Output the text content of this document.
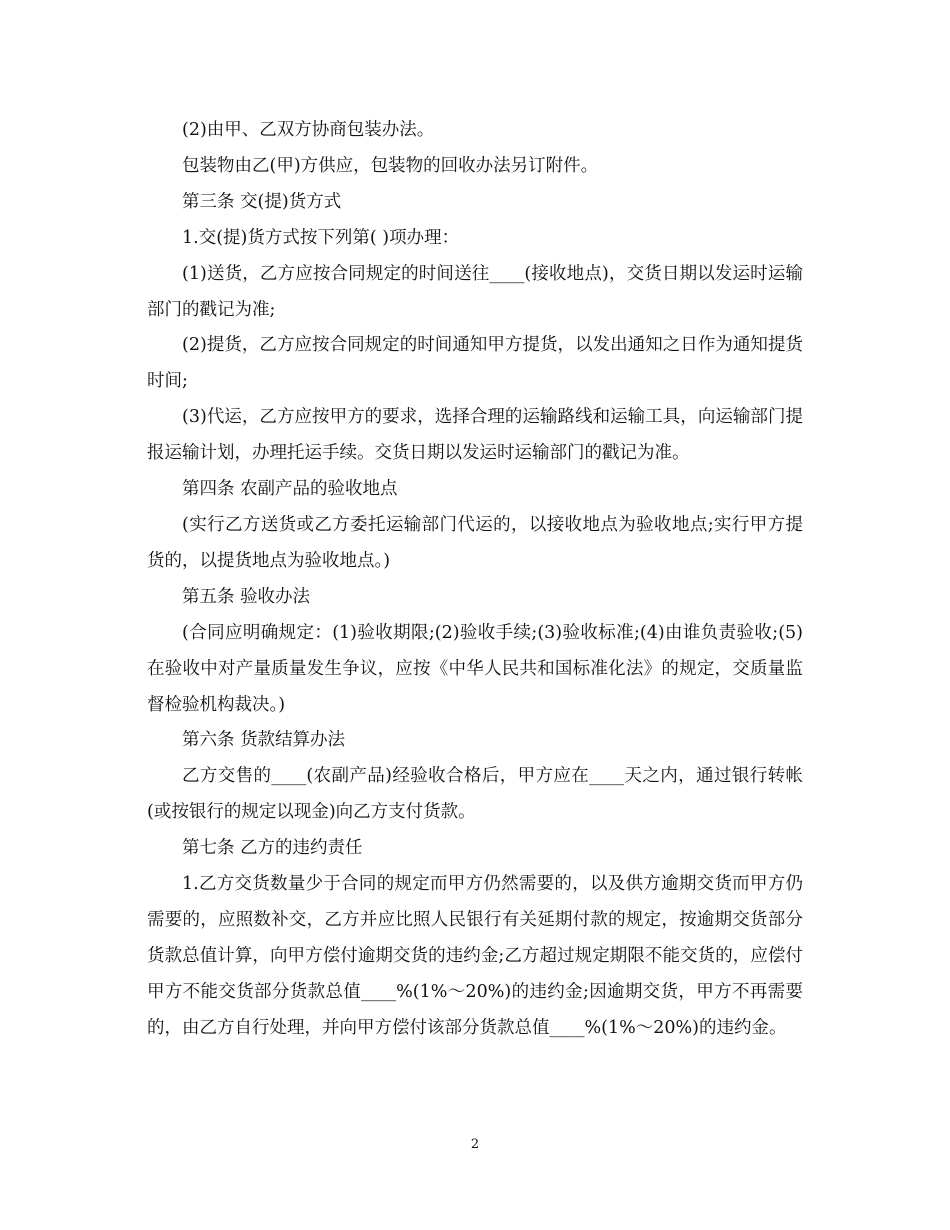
(2)由甲、乙双方协商包装办法。

包装物由乙(甲)方供应，包装物的回收办法另订附件。

第三条 交(提)货方式

1.交(提)货方式按下列第( )项办理：

(1)送货，乙方应按合同规定的时间送往____(接收地点)，交货日期以发运时运输部门的戳记为准;

(2)提货，乙方应按合同规定的时间通知甲方提货，以发出通知之日作为通知提货时间;

(3)代运，乙方应按甲方的要求，选择合理的运输路线和运输工具，向运输部门提报运输计划，办理托运手续。交货日期以发运时运输部门的戳记为准。

第四条 农副产品的验收地点

(实行乙方送货或乙方委托运输部门代运的，以接收地点为验收地点;实行甲方提货的，以提货地点为验收地点。)

第五条 验收办法

(合同应明确规定：(1)验收期限;(2)验收手续;(3)验收标准;(4)由谁负责验收;(5)在验收中对产量质量发生争议，应按《中华人民共和国标准化法》的规定，交质量监督检验机构裁决。)

第六条 货款结算办法

乙方交售的____(农副产品)经验收合格后，甲方应在____天之内，通过银行转帐(或按银行的规定以现金)向乙方支付货款。

第七条 乙方的违约责任

1.乙方交货数量少于合同的规定而甲方仍然需要的，以及供方逾期交货而甲方仍需要的，应照数补交，乙方并应比照人民银行有关延期付款的规定，按逾期交货部分货款总值计算，向甲方偿付逾期交货的违约金;乙方超过规定期限不能交货的，应偿付甲方不能交货部分货款总值____%(1%～20%)的违约金;因逾期交货，甲方不再需要的，由乙方自行处理，并向甲方偿付该部分货款总值____%(1%～20%)的违约金。

2
